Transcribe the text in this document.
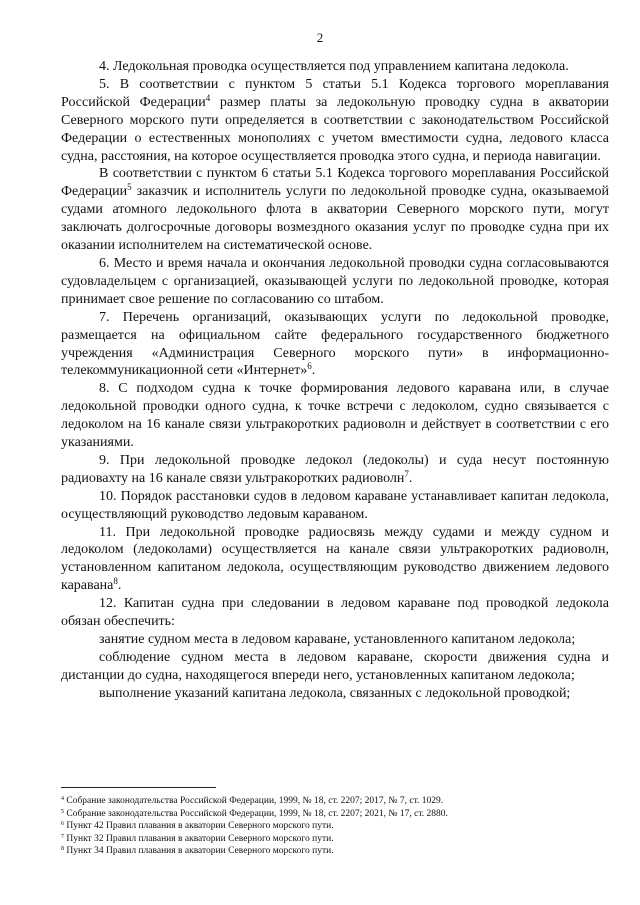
2

4. Ледокольная проводка осуществляется под управлением капитана ледокола.

5. В соответствии с пунктом 5 статьи 5.1 Кодекса торгового мореплавания Российской Федерации$^4$ размер платы за ледокольную проводку судна в акватории Северного морского пути определяется в соответствии с законодательством Российской Федерации о естественных монополиях с учетом вместимости судна, ледового класса судна, расстояния, на которое осуществляется проводка этого судна, и периода навигации.

В соответствии с пунктом 6 статьи 5.1 Кодекса торгового мореплавания Российской Федерации$^5$ заказчик и исполнитель услуги по ледокольной проводке судна, оказываемой судами атомного ледокольного флота в акватории Северного морского пути, могут заключать долгосрочные договоры возмездного оказания услуг по проводке судна при их оказании исполнителем на систематической основе.

6. Место и время начала и окончания ледокольной проводки судна согласовываются судовладельцем с организацией, оказывающей услуги по ледокольной проводке, которая принимает свое решение по согласованию со штабом.

7. Перечень организаций, оказывающих услуги по ледокольной проводке, размещается на официальном сайте федерального государственного бюджетного учреждения «Администрация Северного морского пути» в информационно-телекоммуникационной сети «Интернет»$^6$.

8. С подходом судна к точке формирования ледового каравана или, в случае ледокольной проводки одного судна, к точке встречи с ледоколом, судно связывается с ледоколом на 16 канале связи ультракоротких радиоволн и действует в соответствии с его указаниями.

9. При ледокольной проводке ледокол (ледоколы) и суда несут постоянную радиовахту на 16 канале связи ультракоротких радиоволн$^7$.

10. Порядок расстановки судов в ледовом караване устанавливает капитан ледокола, осуществляющий руководство ледовым караваном.

11. При ледокольной проводке радиосвязь между судами и между судном и ледоколом (ледоколами) осуществляется на канале связи ультракоротких радиоволн, установленном капитаном ледокола, осуществляющим руководство движением ледового каравана$^8$.

12. Капитан судна при следовании в ледовом караване под проводкой ледокола обязан обеспечить:

занятие судном места в ледовом караване, установленного капитаном ледокола;

соблюдение судном места в ледовом караване, скорости движения судна и дистанции до судна, находящегося впереди него, установленных капитаном ледокола;

выполнение указаний капитана ледокола, связанных с ледокольной проводкой;

$^4$ Собрание законодательства Российской Федерации, 1999, № 18, ст. 2207; 2017, № 7, ст. 1029.

$^5$ Собрание законодательства Российской Федерации, 1999, № 18, ст. 2207; 2021, № 17, ст. 2880.

$^6$ Пункт 42 Правил плавания в акватории Северного морского пути.

$^7$ Пункт 32 Правил плавания в акватории Северного морского пути.

$^8$ Пункт 34 Правил плавания в акватории Северного морского пути.
